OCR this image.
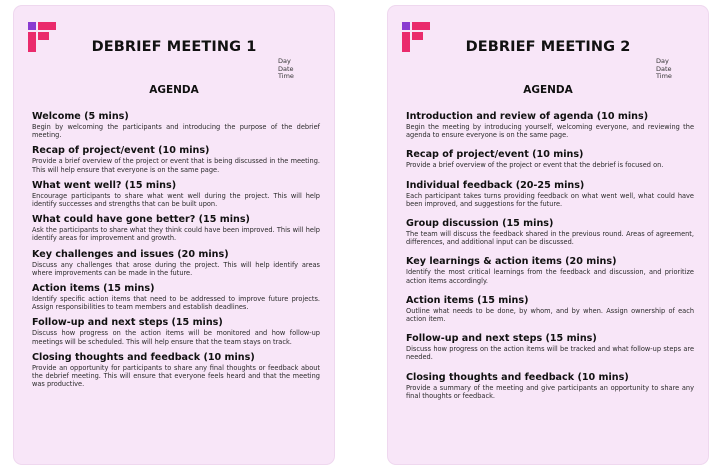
DEBRIEF MEETING 1
Day
Date
Time
AGENDA
Welcome (5 mins)
Begin by welcoming the participants and introducing the purpose of the debrief meeting.
Recap of project/event (10 mins)
Provide a brief overview of the project or event that is being discussed in the meeting. This will help ensure that everyone is on the same page.
What went well? (15 mins)
Encourage participants to share what went well during the project. This will help identify successes and strengths that can be built upon.
What could have gone better? (15 mins)
Ask the participants to share what they think could have been improved. This will help identify areas for improvement and growth.
Key challenges and issues (20 mins)
Discuss any challenges that arose during the project. This will help identify areas where improvements can be made in the future.
Action items (15 mins)
Identify specific action items that need to be addressed to improve future projects. Assign responsibilities to team members and establish deadlines.
Follow-up and next steps (15 mins)
Discuss how progress on the action items will be monitored and how follow-up meetings will be scheduled. This will help ensure that the team stays on track.
Closing thoughts and feedback (10 mins)
Provide an opportunity for participants to share any final thoughts or feedback about the debrief meeting. This will ensure that everyone feels heard and that the meeting was productive.
DEBRIEF MEETING 2
Day
Date
Time
AGENDA
Introduction and review of agenda (10 mins)
Begin the meeting by introducing yourself, welcoming everyone, and reviewing the agenda to ensure everyone is on the same page.
Recap of project/event (10 mins)
Provide a brief overview of the project or event that the debrief is focused on.
Individual feedback (20-25 mins)
Each participant takes turns providing feedback on what went well, what could have been improved, and suggestions for the future.
Group discussion (15 mins)
The team will discuss the feedback shared in the previous round. Areas of agreement, differences, and additional input can be discussed.
Key learnings & action items (20 mins)
Identify the most critical learnings from the feedback and discussion, and prioritize action items accordingly.
Action items (15 mins)
Outline what needs to be done, by whom, and by when. Assign ownership of each action item.
Follow-up and next steps (15 mins)
Discuss how progress on the action items will be tracked and what follow-up steps are needed.
Closing thoughts and feedback (10 mins)
Provide a summary of the meeting and give participants an opportunity to share any final thoughts or feedback.
